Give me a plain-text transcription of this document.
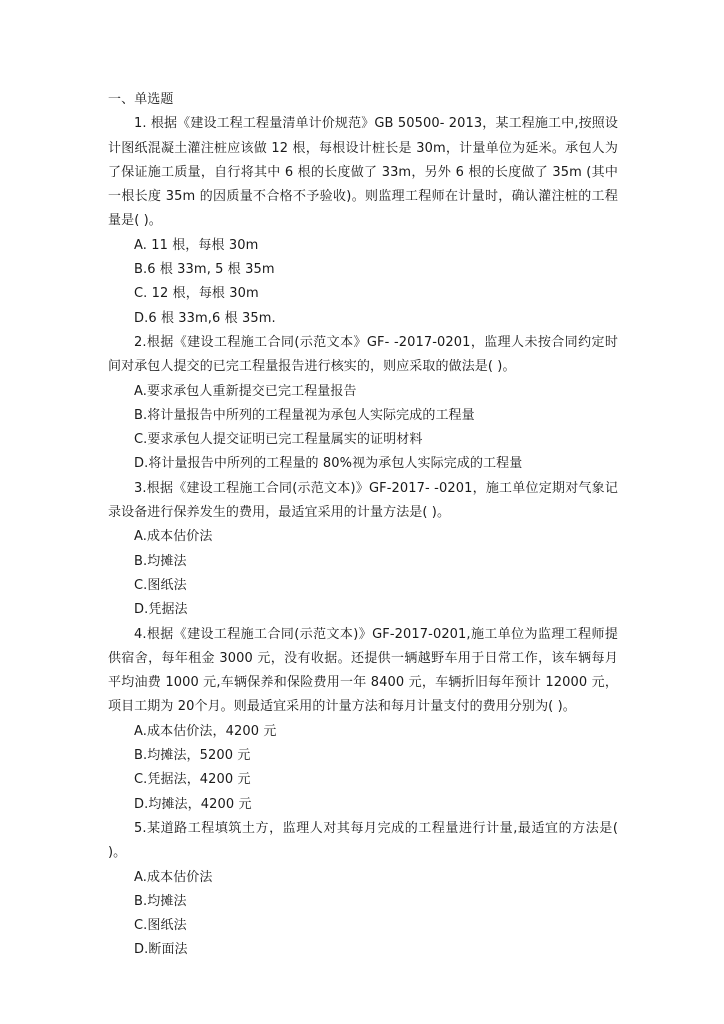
一、单选题

1. 根据《建设工程工程量清单计价规范》GB 50500- 2013，某工程施工中,按照设计图纸混凝土灌注桩应该做 12 根，每根设计桩长是 30m，计量单位为延米。承包人为了保证施工质量，自行将其中 6 根的长度做了 33m，另外 6 根的长度做了 35m (其中一根长度 35m 的因质量不合格不予验收)。则监理工程师在计量时，确认灌注桩的工程量是( )。

A. 11 根，每根 30m

B.6 根 33m, 5 根 35m

C. 12 根，每根 30m

D.6 根 33m,6 根 35m.

2.根据《建设工程施工合同(示范文本》GF- -2017-0201，监理人未按合同约定时间对承包人提交的已完工程量报告进行核实的，则应采取的做法是( )。

A.要求承包人重新提交已完工程量报告

B.将计量报告中所列的工程量视为承包人实际完成的工程量

C.要求承包人提交证明已完工程量属实的证明材料

D.将计量报告中所列的工程量的 80%视为承包人实际完成的工程量

3.根据《建设工程施工合同(示范文本)》GF-2017- -0201，施工单位定期对气象记录设备进行保养发生的费用，最适宜采用的计量方法是( )。

A.成本估价法

B.均摊法

C.图纸法

D.凭据法

4.根据《建设工程施工合同(示范文本)》GF-2017-0201,施工单位为监理工程师提供宿舍，每年租金 3000 元，没有收据。还提供一辆越野车用于日常工作，该车辆每月平均油费 1000 元,车辆保养和保险费用一年 8400 元，车辆折旧每年预计 12000 元，项目工期为 20个月。则最适宜采用的计量方法和每月计量支付的费用分别为( )。

A.成本估价法，4200 元

B.均摊法，5200 元

C.凭据法，4200 元

D.均摊法，4200 元

5.某道路工程填筑土方，监理人对其每月完成的工程量进行计量,最适宜的方法是( )。

A.成本估价法

B.均摊法

C.图纸法

D.断面法
